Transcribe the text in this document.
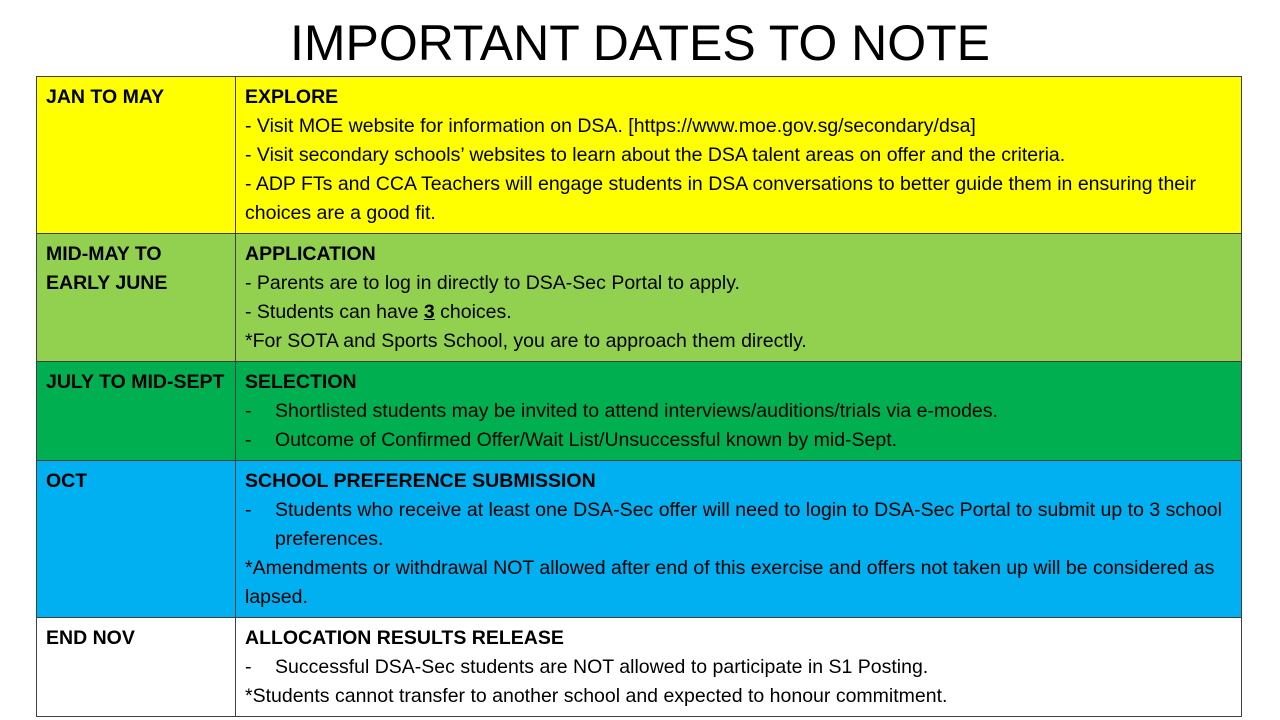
IMPORTANT DATES TO NOTE
JAN TO MAY	EXPLORE
- Visit MOE website for information on DSA. [https://www.moe.gov.sg/secondary/dsa]
- Visit secondary schools’ websites to learn about the DSA talent areas on offer and the criteria.
- ADP FTs and CCA Teachers will engage students in DSA conversations to better guide them in ensuring their choices are a good fit.

MID-MAY TO EARLY JUNE	APPLICATION
- Parents are to log in directly to DSA-Sec Portal to apply.
- Students can have 3 choices.
*For SOTA and Sports School, you are to approach them directly.

JULY TO MID-SEPT	SELECTION
- Shortlisted students may be invited to attend interviews/auditions/trials via e-modes.
- Outcome of Confirmed Offer/Wait List/Unsuccessful known by mid-Sept.

OCT	SCHOOL PREFERENCE SUBMISSION
- Students who receive at least one DSA-Sec offer will need to login to DSA-Sec Portal to submit up to 3 school preferences.
*Amendments or withdrawal NOT allowed after end of this exercise and offers not taken up will be considered as lapsed.

END NOV	ALLOCATION RESULTS RELEASE
- Successful DSA-Sec students are NOT allowed to participate in S1 Posting.
*Students cannot transfer to another school and expected to honour commitment.
